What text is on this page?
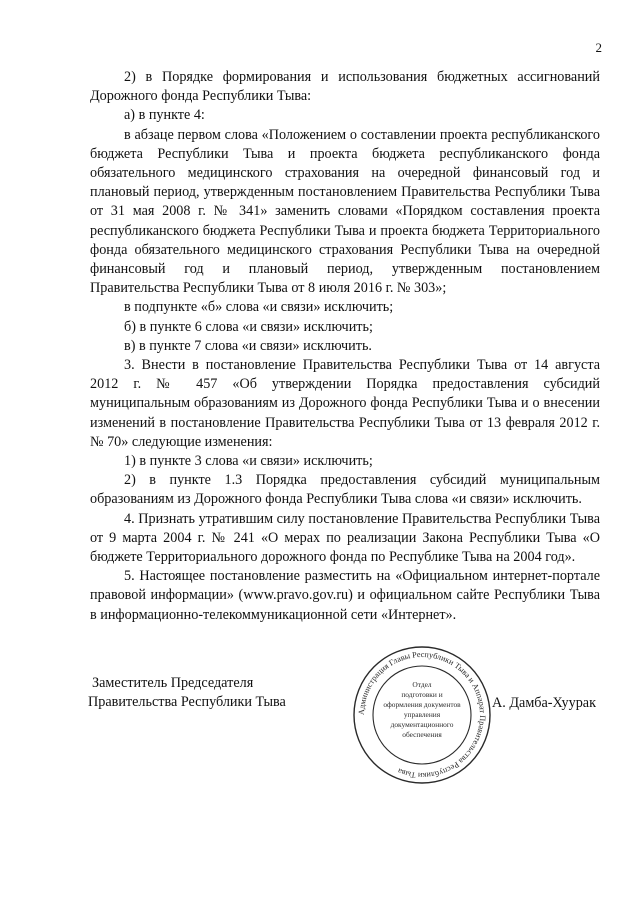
2

2) в Порядке формирования и использования бюджетных ассигнований Дорожного фонда Республики Тыва:

а) в пункте 4:

в абзаце первом слова «Положением о составлении проекта республиканского бюджета Республики Тыва и проекта бюджета республиканского фонда обязательного медицинского страхования на очередной финансовый год и плановый период, утвержденным постановлением Правительства Республики Тыва от 31 мая 2008 г. № 341» заменить словами «Порядком составления проекта республиканского бюджета Республики Тыва и проекта бюджета Территориального фонда обязательного медицинского страхования Республики Тыва на очередной финансовый год и плановый период, утвержденным постановлением Правительства Республики Тыва от 8 июля 2016 г. № 303»;

в подпункте «б» слова «и связи» исключить;

б) в пункте 6 слова «и связи» исключить;

в) в пункте 7 слова «и связи» исключить.

3. Внести в постановление Правительства Республики Тыва от 14 августа 2012 г. № 457 «Об утверждении Порядка предоставления субсидий муниципальным образованиям из Дорожного фонда Республики Тыва и о внесении изменений в постановление Правительства Республики Тыва от 13 февраля 2012 г. № 70» следующие изменения:

1) в пункте 3 слова «и связи» исключить;

2) в пункте 1.3 Порядка предоставления субсидий муниципальным образованиям из Дорожного фонда Республики Тыва слова «и связи» исключить.

4. Признать утратившим силу постановление Правительства Республики Тыва от 9 марта 2004 г. № 241 «О мерах по реализации Закона Республики Тыва «О бюджете Территориального дорожного фонда по Республике Тыва на 2004 год».

5. Настоящее постановление разместить на «Официальном интернет-портале правовой информации» (www.pravo.gov.ru) и официальном сайте Республики Тыва в информационно-телекоммуникационной сети «Интернет».

Администрация Главы Республики Тыва и Аппарат Правительства Республики Тыва
Отдел
подготовки и
оформления документов
управления
документационного
обеспечения
Заместитель Председателя
Правительства Республики Тыва	А. Дамба-Хуурак
